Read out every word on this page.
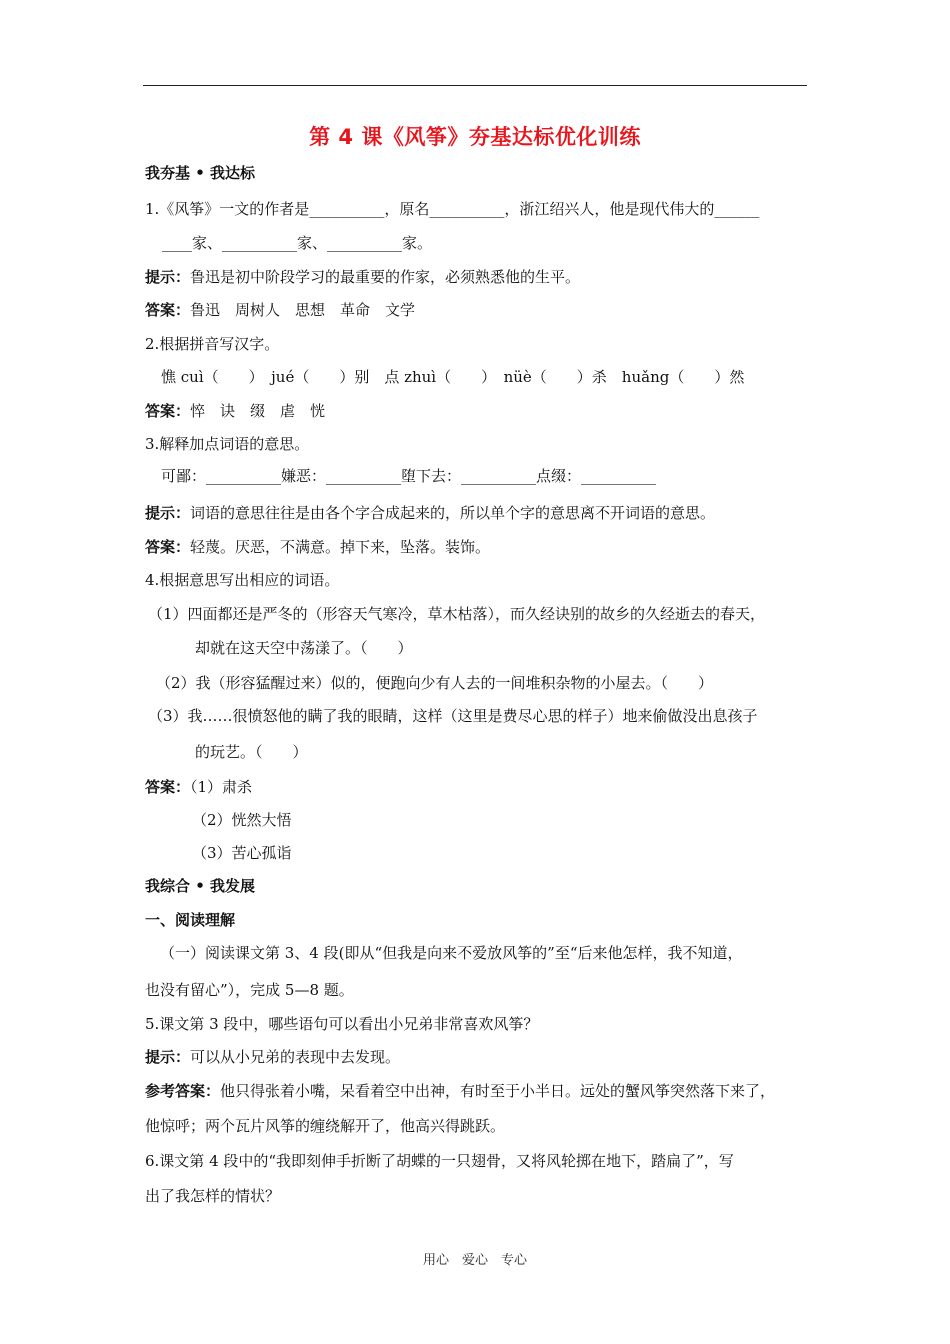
第 4 课《风筝》夯基达标优化训练
我夯基 • 我达标
1.《风筝》一文的作者是__________，原名__________，浙江绍兴人，他是现代伟大的______
____家、__________家、__________家。
提示：鲁迅是初中阶段学习的最重要的作家，必须熟悉他的生平。
答案：鲁迅　周树人　思想　革命　文学
2.根据拼音写汉字。
憔 cuì（　　）　jué（　　）别　点 zhuì（　　）　nüè（　　）杀　huǎng（　　）然
答案：悴　诀　缀　虐　恍
3.解释加点词语的意思。
可鄙：__________嫌恶：__________堕下去：__________点缀：__________
提示：词语的意思往往是由各个字合成起来的，所以单个字的意思离不开词语的意思。
答案：轻蔑。厌恶，不满意。掉下来，坠落。装饰。
4.根据意思写出相应的词语。
（1）四面都还是严冬的（形容天气寒冷，草木枯落），而久经诀别的故乡的久经逝去的春天，
却就在这天空中荡漾了。（　　）
（2）我（形容猛醒过来）似的，便跑向少有人去的一间堆积杂物的小屋去。（　　）
（3）我……很愤怒他的瞒了我的眼睛，这样（这里是费尽心思的样子）地来偷做没出息孩子
的玩艺。（　　）
答案：（1）肃杀
（2）恍然大悟
（3）苦心孤诣
我综合 • 我发展
一、阅读理解
（一）阅读课文第 3、4 段(即从“但我是向来不爱放风筝的”至“后来他怎样，我不知道，
也没有留心”），完成 5—8 题。
5.课文第 3 段中，哪些语句可以看出小兄弟非常喜欢风筝？
提示：可以从小兄弟的表现中去发现。
参考答案：他只得张着小嘴，呆看着空中出神，有时至于小半日。远处的蟹风筝突然落下来了，
他惊呼；两个瓦片风筝的缠绕解开了，他高兴得跳跃。
6.课文第 4 段中的“我即刻伸手折断了胡蝶的一只翅骨，又将风轮掷在地下，踏扁了”，写
出了我怎样的情状？
用心　爱心　专心
